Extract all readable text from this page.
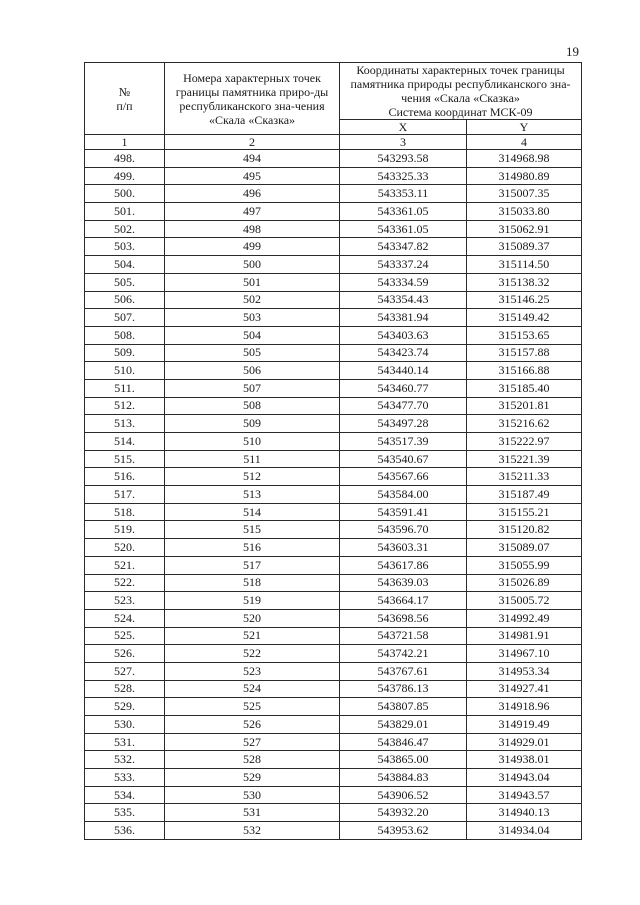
19
№
п/п	Номера характерных точек границы памятника приро-ды республиканского зна-чения «Скала «Сказка»	Координаты характерных точек границы памятника природы республиканского зна-чения «Скала «Сказка»
Система координат МСК-09	
		X	Y
1	2	3	4
498.	494	543293.58	314968.98
499.	495	543325.33	314980.89
500.	496	543353.11	315007.35
501.	497	543361.05	315033.80
502.	498	543361.05	315062.91
503.	499	543347.82	315089.37
504.	500	543337.24	315114.50
505.	501	543334.59	315138.32
506.	502	543354.43	315146.25
507.	503	543381.94	315149.42
508.	504	543403.63	315153.65
509.	505	543423.74	315157.88
510.	506	543440.14	315166.88
511.	507	543460.77	315185.40
512.	508	543477.70	315201.81
513.	509	543497.28	315216.62
514.	510	543517.39	315222.97
515.	511	543540.67	315221.39
516.	512	543567.66	315211.33
517.	513	543584.00	315187.49
518.	514	543591.41	315155.21
519.	515	543596.70	315120.82
520.	516	543603.31	315089.07
521.	517	543617.86	315055.99
522.	518	543639.03	315026.89
523.	519	543664.17	315005.72
524.	520	543698.56	314992.49
525.	521	543721.58	314981.91
526.	522	543742.21	314967.10
527.	523	543767.61	314953.34
528.	524	543786.13	314927.41
529.	525	543807.85	314918.96
530.	526	543829.01	314919.49
531.	527	543846.47	314929.01
532.	528	543865.00	314938.01
533.	529	543884.83	314943.04
534.	530	543906.52	314943.57
535.	531	543932.20	314940.13
536.	532	543953.62	314934.04
